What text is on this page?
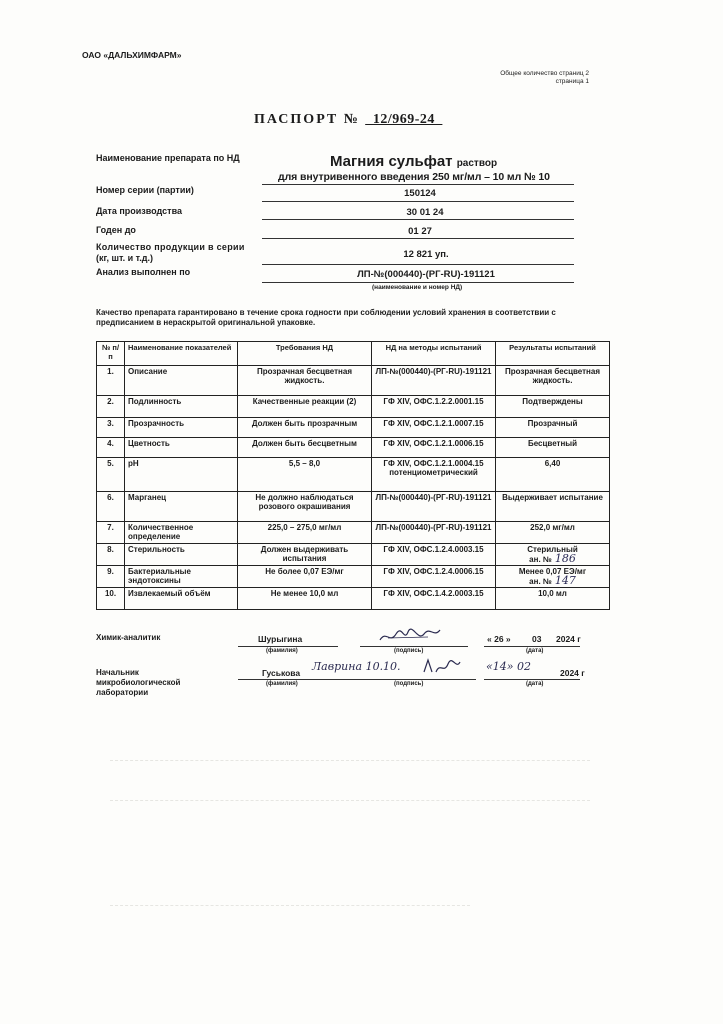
ОАО «ДАЛЬХИМФАРМ»
Общее количество страниц 2
страница 1
ПАСПОРТ № _12/969-24_
Наименование препарата по НД	Магния сульфат раствор
для внутривенного введения 250 мг/мл – 10 мл № 10
Номер серии (партии)	150124
Дата производства	30 01 24
Годен до	01 27
Количество продукции в серии
(кг, шт. и т.д.)	12 821 уп.
Анализ выполнен по	ЛП-№(000440)-(РГ-RU)-191121
(наименование и номер НД)
Качество препарата гарантировано в течение срока годности при соблюдении условий хранения в соответствии с предписанием в нераскрытой оригинальной упаковке.
№ п/п	Наименование показателей	Требования НД	НД на методы испытаний	Результаты испытаний
1.	Описание	Прозрачная бесцветная жидкость.	ЛП-№(000440)-(РГ-RU)-191121	Прозрачная бесцветная жидкость.
2.	Подлинность	Качественные реакции (2)	ГФ XIV, ОФС.1.2.2.0001.15	Подтверждены
3.	Прозрачность	Должен быть прозрачным	ГФ XIV, ОФС.1.2.1.0007.15	Прозрачный
4.	Цветность	Должен быть бесцветным	ГФ XIV, ОФС.1.2.1.0006.15	Бесцветный
5.	pH	5,5 – 8,0	ГФ XIV, ОФС.1.2.1.0004.15 потенциометрический	6,40
6.	Марганец	Не должно наблюдаться розового окрашивания	ЛП-№(000440)-(РГ-RU)-191121	Выдерживает испытание
7.	Количественное определение	225,0 – 275,0 мг/мл	ЛП-№(000440)-(РГ-RU)-191121	252,0 мг/мл
8.	Стерильность	Должен выдерживать испытания	ГФ XIV, ОФС.1.2.4.0003.15	Стерильный
ан. № 186

9.	Бактериальные эндотоксины	Не более 0,07 ЕЭ/мг	ГФ XIV, ОФС.1.2.4.0006.15	Менее 0,07 ЕЭ/мг
ан. № 147

10.	Извлекаемый объём	Не менее 10,0 мл	ГФ XIV, ОФС.1.4.2.0003.15	10,0 мл
Химик-аналитик	Шурыгина
(фамилия)	(подпись)
« 26 »	03 2024 г
(дата)
Начальник
микробиологической
лаборатории
Гуськова Лаврина 10.10.
(фамилия)	(подпись)
«14» 02	2024 г
(дата)
